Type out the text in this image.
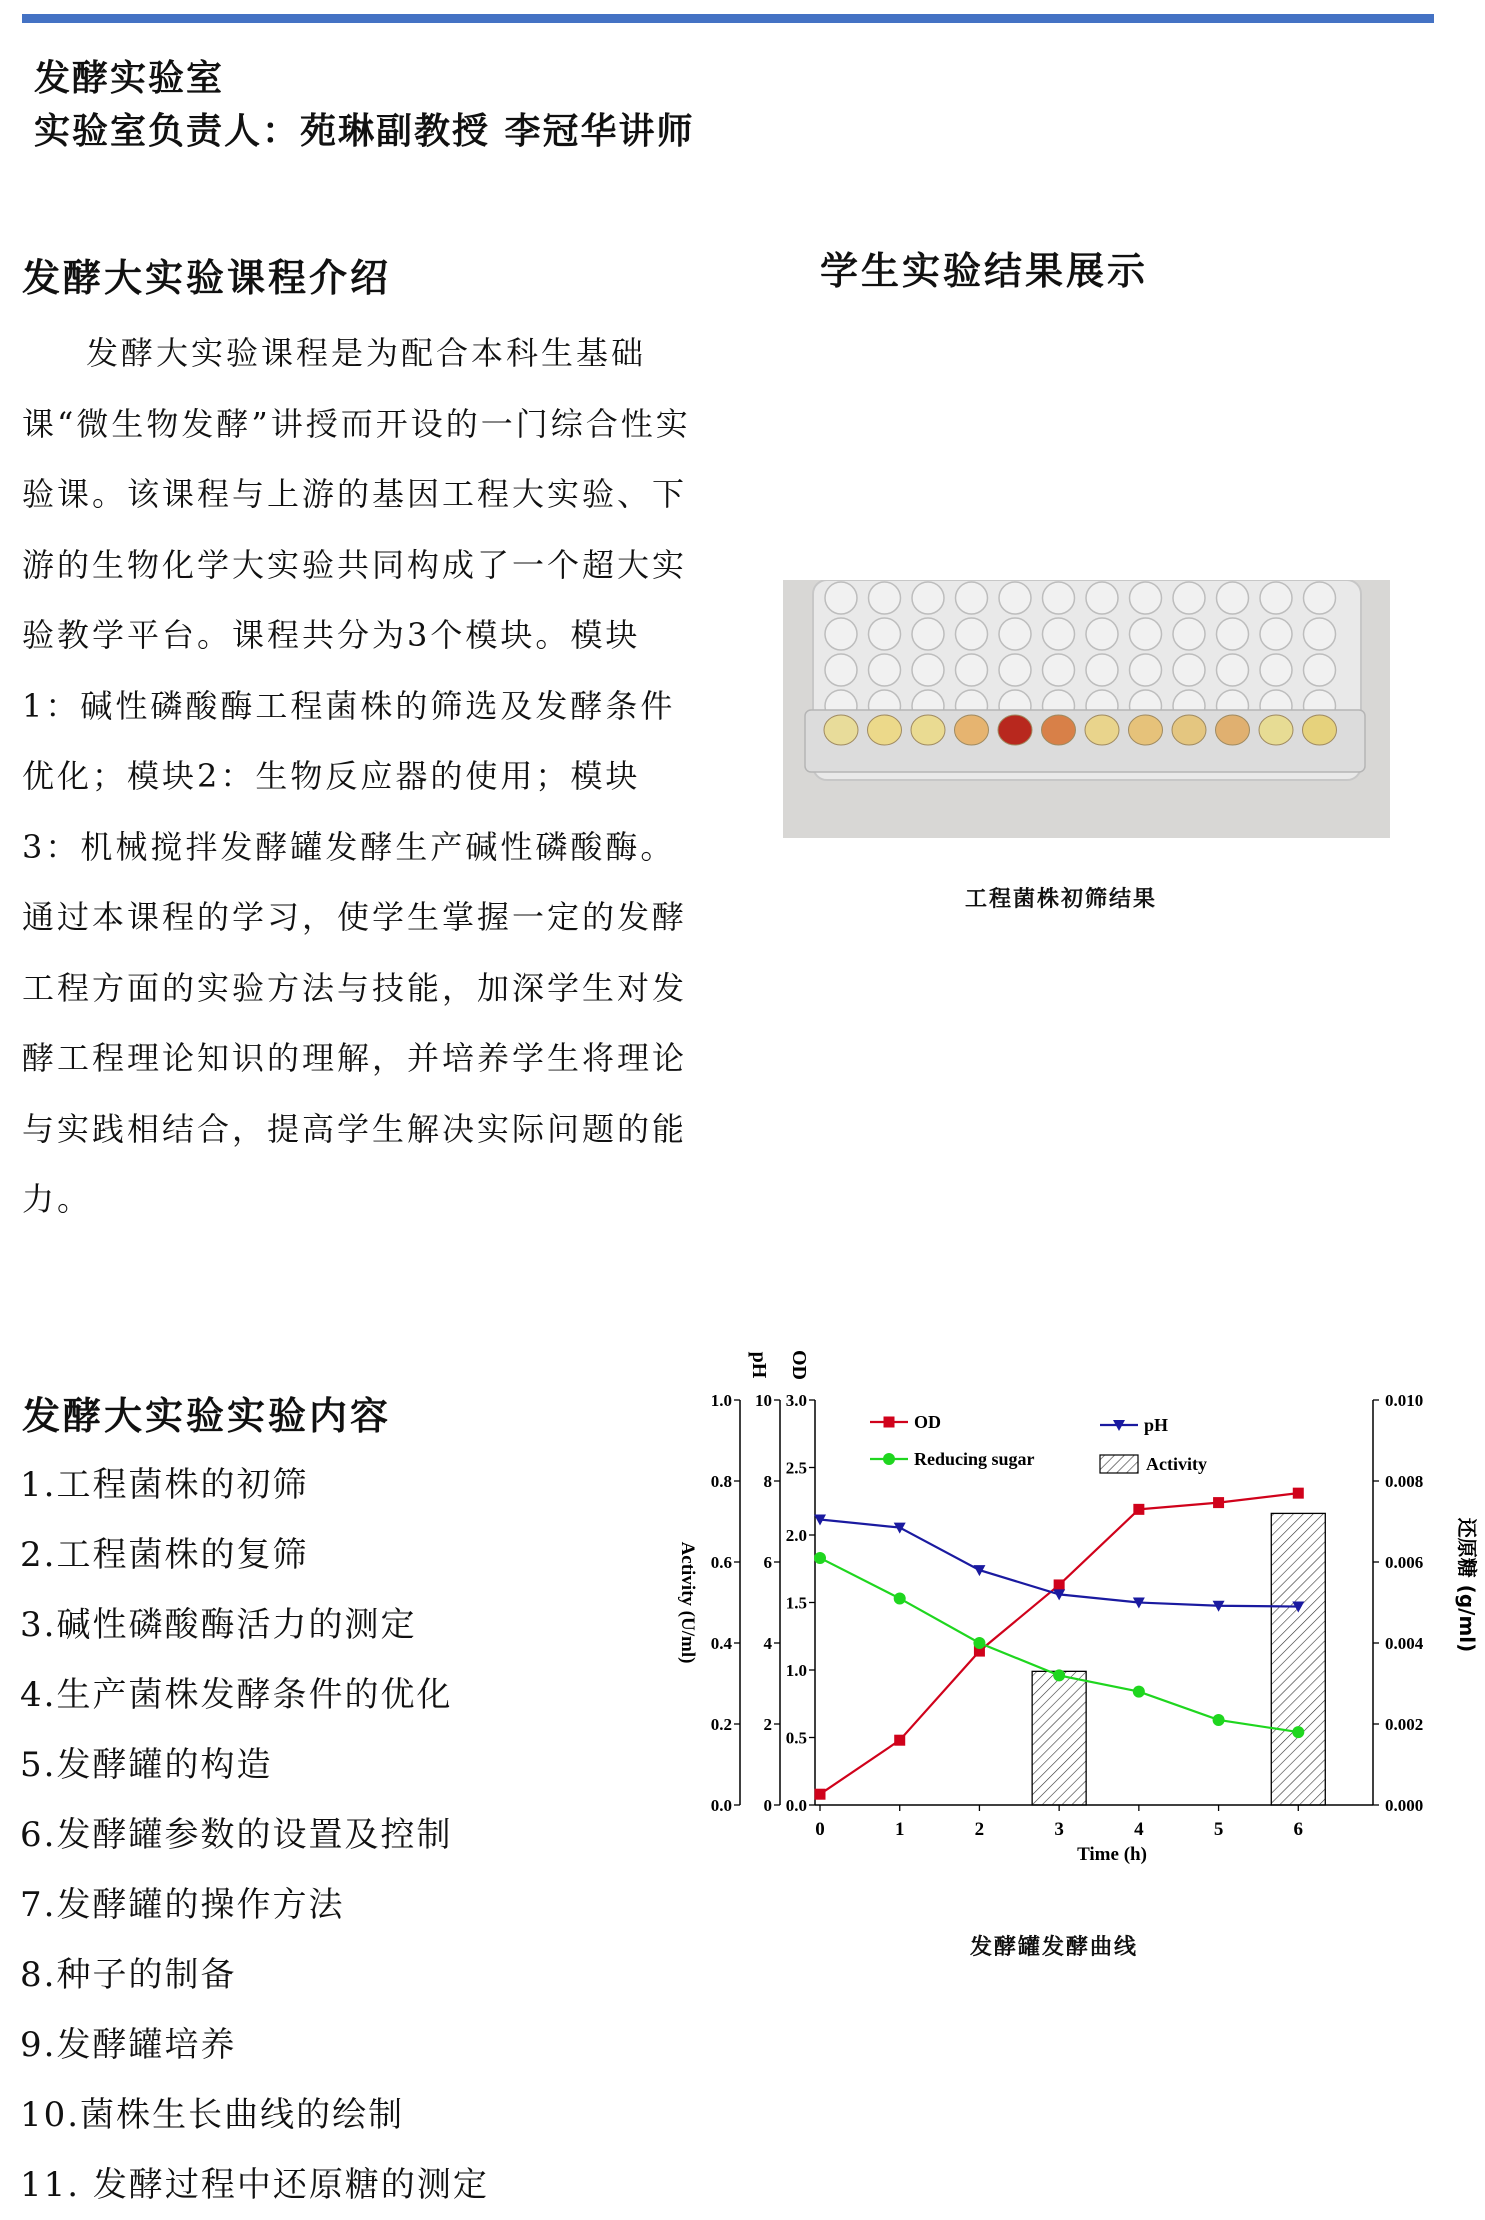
发酵实验室
实验室负责人：苑琳副教授 李冠华讲师
发酵大实验课程介绍

发酵大实验课程是为配合本科生基础课“微生物发酵”讲授而开设的一门综合性实验课。该课程与上游的基因工程大实验、下游的生物化学大实验共同构成了一个超大实验教学平台。课程共分为3个模块。模块1：碱性磷酸酶工程菌株的筛选及发酵条件优化；模块2：生物反应器的使用；模块3：机械搅拌发酵罐发酵生产碱性磷酸酶。通过本课程的学习，使学生掌握一定的发酵工程方面的实验方法与技能，加深学生对发酵工程理论知识的理解，并培养学生将理论与实践相结合，提高学生解决实际问题的能力。

学生实验结果展示
工程菌株初筛结果
发酵大实验实验内容
1.工程菌株的初筛
2.工程菌株的复筛
3.碱性磷酸酶活力的测定
4.生产菌株发酵条件的优化
5.发酵罐的构造
6.发酵罐参数的设置及控制
7.发酵罐的操作方法
8.种子的制备
9.发酵罐培养
10.菌株生长曲线的绘制
11. 发酵过程中还原糖的测定
0.0
0.2
0.4
0.6
0.8
1.0
0
2
4
6
8
10
0.0
0.5
1.0
1.5
2.0
2.5
3.0
0.000
0.002
0.004
0.006
0.008
0.010
0	1	2	3	4	5	6
Time (h)
Activity (U/ml)
pH OD
还原糖 (g/ml)
OD	pH
Reducing sugar	Activity
发酵罐发酵曲线
